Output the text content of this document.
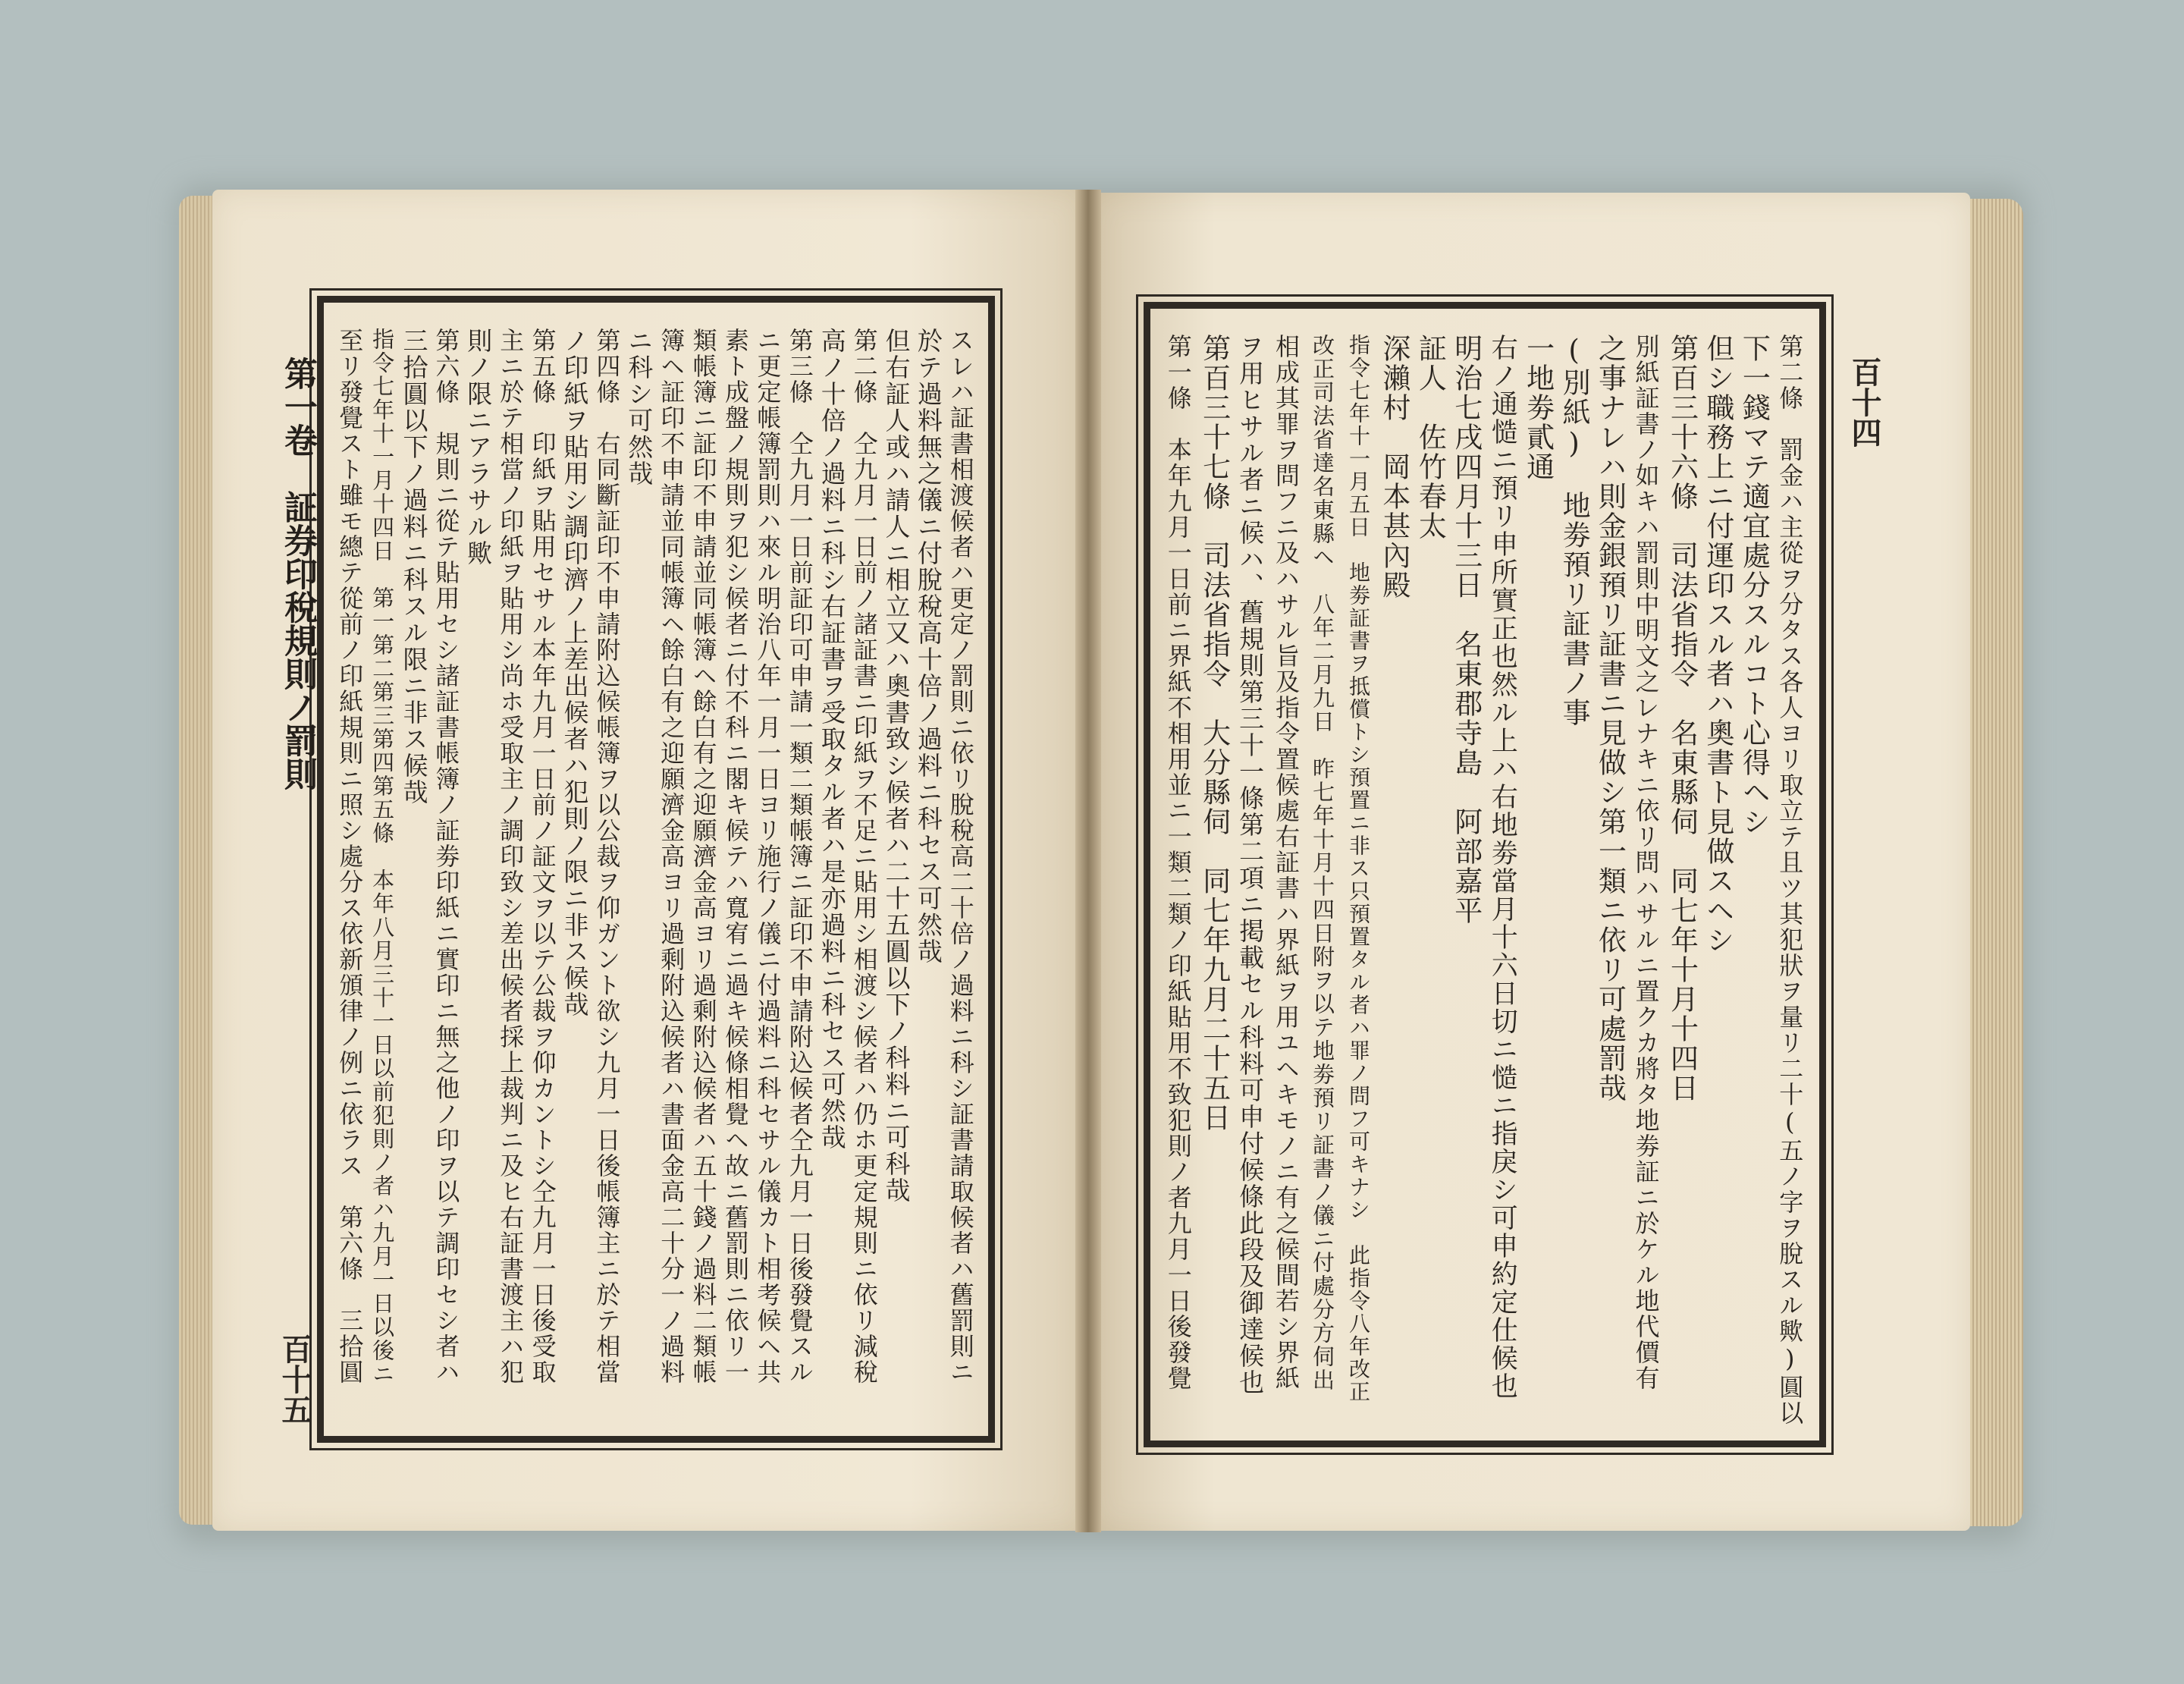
第一卷　証券印稅規則ノ罰則
百十五
百十四
スレハ証書相渡候者ハ更定ノ罰則ニ依リ脫稅高二十倍ノ過料ニ科シ証書請取候者ハ舊罰則ニ
於テ過料無之儀ニ付脫稅高十倍ノ過料ニ科セス可然哉
但右証人或ハ請人ニ相立又ハ奧書致シ候者ハ二十五圓以下ノ科料ニ可科哉
第二條　仝九月一日前ノ諸証書ニ印紙ヲ不足ニ貼用シ相渡シ候者ハ仍ホ更定規則ニ依リ減稅
高ノ十倍ノ過料ニ科シ右証書ヲ受取タル者ハ是亦過料ニ科セス可然哉
第三條　仝九月一日前証印可申請一類二類帳簿ニ証印不申請附込候者仝九月一日後發覺スル
ニ更定帳簿罰則ハ來ル明治八年一月一日ヨリ施行ノ儀ニ付過料ニ科セサル儀カト相考候ヘ共
素ト成盤ノ規則ヲ犯シ候者ニ付不科ニ閣キ候テハ寬宥ニ過キ候條相覺ヘ故ニ舊罰則ニ依リ一
類帳簿ニ証印不申請並同帳簿ヘ餘白有之迎願濟金高ヨリ過剩附込候者ハ五十錢ノ過料二類帳
簿ヘ証印不申請並同帳簿ヘ餘白有之迎願濟金高ヨリ過剩附込候者ハ書面金高二十分一ノ過料
ニ科シ可然哉
第四條　右同斷証印不申請附込候帳簿ヲ以公裁ヲ仰ガント欲シ九月一日後帳簿主ニ於テ相當
ノ印紙ヲ貼用シ調印濟ノ上差出候者ハ犯則ノ限ニ非ス候哉
第五條　印紙ヲ貼用セサル本年九月一日前ノ証文ヲ以テ公裁ヲ仰カントシ仝九月一日後受取
主ニ於テ相當ノ印紙ヲ貼用シ尚ホ受取主ノ調印致シ差出候者採上裁判ニ及ヒ右証書渡主ハ犯
則ノ限ニアラサル歟
第六條　規則ニ從テ貼用セシ諸証書帳簿ノ証劵印紙ニ實印ニ無之他ノ印ヲ以テ調印セシ者ハ
三拾圓以下ノ過料ニ科スル限ニ非ス候哉
指令七年十一月十四日　第一第二第三第四第五條　本年八月三十一日以前犯則ノ者ハ九月一日以後ニ
至リ發覺スト雖モ總テ從前ノ印紙規則ニ照シ處分ス依新頒律ノ例ニ依ラス　第六條　三拾圓	第二條　罰金ハ主從ヲ分タス各人ヨリ取立テ且ツ其犯狀ヲ量リ二十(五ノ字ヲ脫スル歟)圓以
下一錢マテ適宜處分スルコト心得ヘシ
但シ職務上ニ付運印スル者ハ奧書ト見做スヘシ
第百三十六條　司法省指令　名東縣伺　同七年十月十四日
別紙証書ノ如キハ罰則中明文之レナキニ依リ問ハサルニ置クカ將タ地劵証ニ於ケル地代價有
之事ナレハ則金銀預リ証書ニ見做シ第一類ニ依リ可處罰哉
(別紙)　地劵預リ証書ノ事
一地劵貳通
右ノ通慥ニ預リ申所實正也然ル上ハ右地劵當月十六日切ニ慥ニ指戾シ可申約定仕候也
明治七戌四月十三日　名東郡寺島　阿部嘉平
証人　佐竹春太
深瀨村　岡本甚內殿
指令七年十一月五日　地劵証書ヲ抵償トシ預置ニ非ス只預置タル者ハ罪ノ問フ可キナシ　此指令八年改正
改正司法省達名東縣ヘ　八年二月九日　昨七年十月十四日附ヲ以テ地劵預リ証書ノ儀ニ付處分方伺出
相成其罪ヲ問フニ及ハサル旨及指令置候處右証書ハ界紙ヲ用ユヘキモノニ有之候間若シ界紙
ヲ用ヒサル者ニ候ハ、舊規則第三十一條第二項ニ掲載セル科料可申付候條此段及御達候也
第百三十七條　司法省指令　大分縣伺　同七年九月二十五日
第一條　本年九月一日前ニ界紙不相用並ニ一類二類ノ印紙貼用不致犯則ノ者九月一日後發覺
